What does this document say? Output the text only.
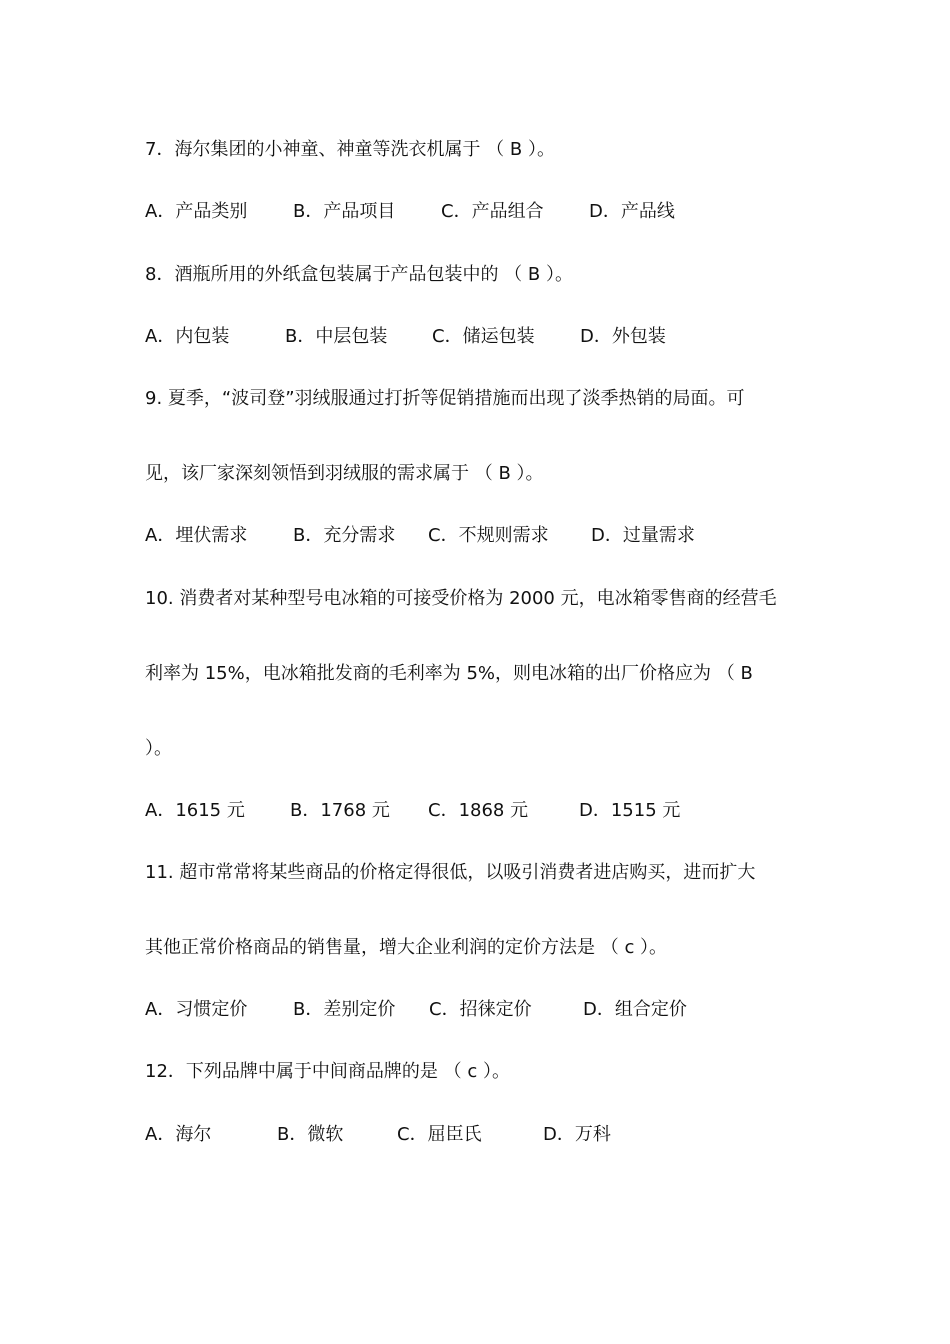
7．海尔集团的小神童、神童等洗衣机属于 （ B ）。
A．产品类别	B．产品项目	C．产品组合	D．产品线
8．酒瓶所用的外纸盒包装属于产品包装中的 （ B ）。
A．内包装	B．中层包装 C．储运包装	D．外包装
9. 夏季，“波司登”羽绒服通过打折等促销措施而出现了淡季热销的局面。可
见，该厂家深刻领悟到羽绒服的需求属于 （ B ）。
A．埋伏需求	B．充分需求 C．不规则需求 D．过量需求
10. 消费者对某种型号电冰箱的可接受价格为 2000 元，电冰箱零售商的经营毛
利率为 15%，电冰箱批发商的毛利率为 5%，则电冰箱的出厂价格应为 （ B
）。
A．1615 元	B．1768 元 C．1868 元	D．1515 元
11. 超市常常将某些商品的价格定得很低，以吸引消费者进店购买，进而扩大
其他正常价格商品的销售量，增大企业利润的定价方法是 （ c ）。
A．习惯定价	B．差别定价 C．招徕定价	D．组合定价
12．下列品牌中属于中间商品牌的是 （ c ）。
A．海尔	B．微软	C．屈臣氏	D．万科
